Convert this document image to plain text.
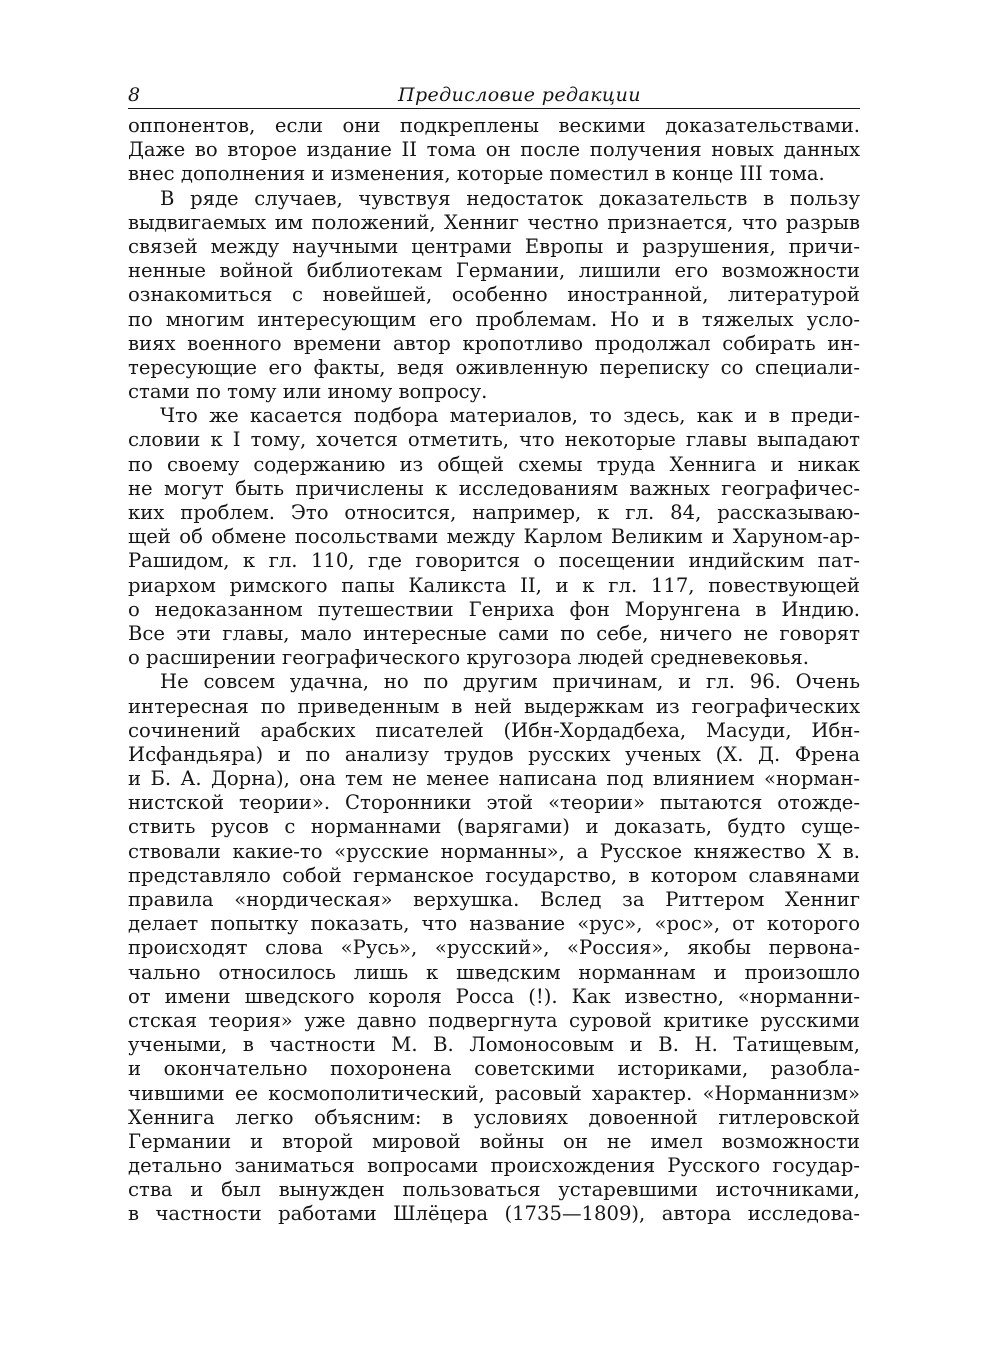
8	Предисловие редакции
оппонентов, если они подкреплены вескими доказательствами.
Даже во второе издание II тома он после получения новых данных
внес дополнения и изменения, которые поместил в конце III тома.
В ряде случаев, чувствуя недостаток доказательств в пользу
выдвигаемых им положений, Хенниг честно признается, что разрыв
связей между научными центрами Европы и разрушения, причи-
ненные войной библиотекам Германии, лишили его возможности
ознакомиться с новейшей, особенно иностранной, литературой
по многим интересующим его проблемам. Но и в тяжелых усло-
виях военного времени автор кропотливо продолжал собирать ин-
тересующие его факты, ведя оживленную переписку со специали-
стами по тому или иному вопросу.
Что же касается подбора материалов, то здесь, как и в преди-
словии к I тому, хочется отметить, что некоторые главы выпадают
по своему содержанию из общей схемы труда Хеннига и никак
не могут быть причислены к исследованиям важных географичес-
ких проблем. Это относится, например, к гл. 84, рассказываю-
щей об обмене посольствами между Карлом Великим и Харуном-ар-
Рашидом, к гл. 110, где говорится о посещении индийским пат-
риархом римского папы Каликста II, и к гл. 117, повествующей
о недоказанном путешествии Генриха фон Морунгена в Индию.
Все эти главы, мало интересные сами по себе, ничего не говорят
о расширении географического кругозора людей средневековья.
Не совсем удачна, но по другим причинам, и гл. 96. Очень
интересная по приведенным в ней выдержкам из географических
сочинений арабских писателей (Ибн-Хордадбеха, Масуди, Ибн-
Исфандьяра) и по анализу трудов русских ученых (Х. Д. Френа
и Б. А. Дорна), она тем не менее написана под влиянием «норман-
нистской теории». Сторонники этой «теории» пытаются отожде-
ствить русов с норманнами (варягами) и доказать, будто суще-
ствовали какие-то «русские норманны», а Русское княжество X в.
представляло собой германское государство, в котором славянами
правила «нордическая» верхушка. Вслед за Риттером Хенниг
делает попытку показать, что название «рус», «рос», от которого
происходят слова «Русь», «русский», «Россия», якобы первона-
чально относилось лишь к шведским норманнам и произошло
от имени шведского короля Росса (!). Как известно, «норманни-
стская теория» уже давно подвергнута суровой критике русскими
учеными, в частности М. В. Ломоносовым и В. Н. Татищевым,
и окончательно похоронена советскими историками, разобла-
чившими ее космополитический, расовый характер. «Норманнизм»
Хеннига легко объясним: в условиях довоенной гитлеровской
Германии и второй мировой войны он не имел возможности
детально заниматься вопросами происхождения Русского государ-
ства и был вынужден пользоваться устаревшими источниками,
в частности работами Шлёцера (1735—1809), автора исследова-
